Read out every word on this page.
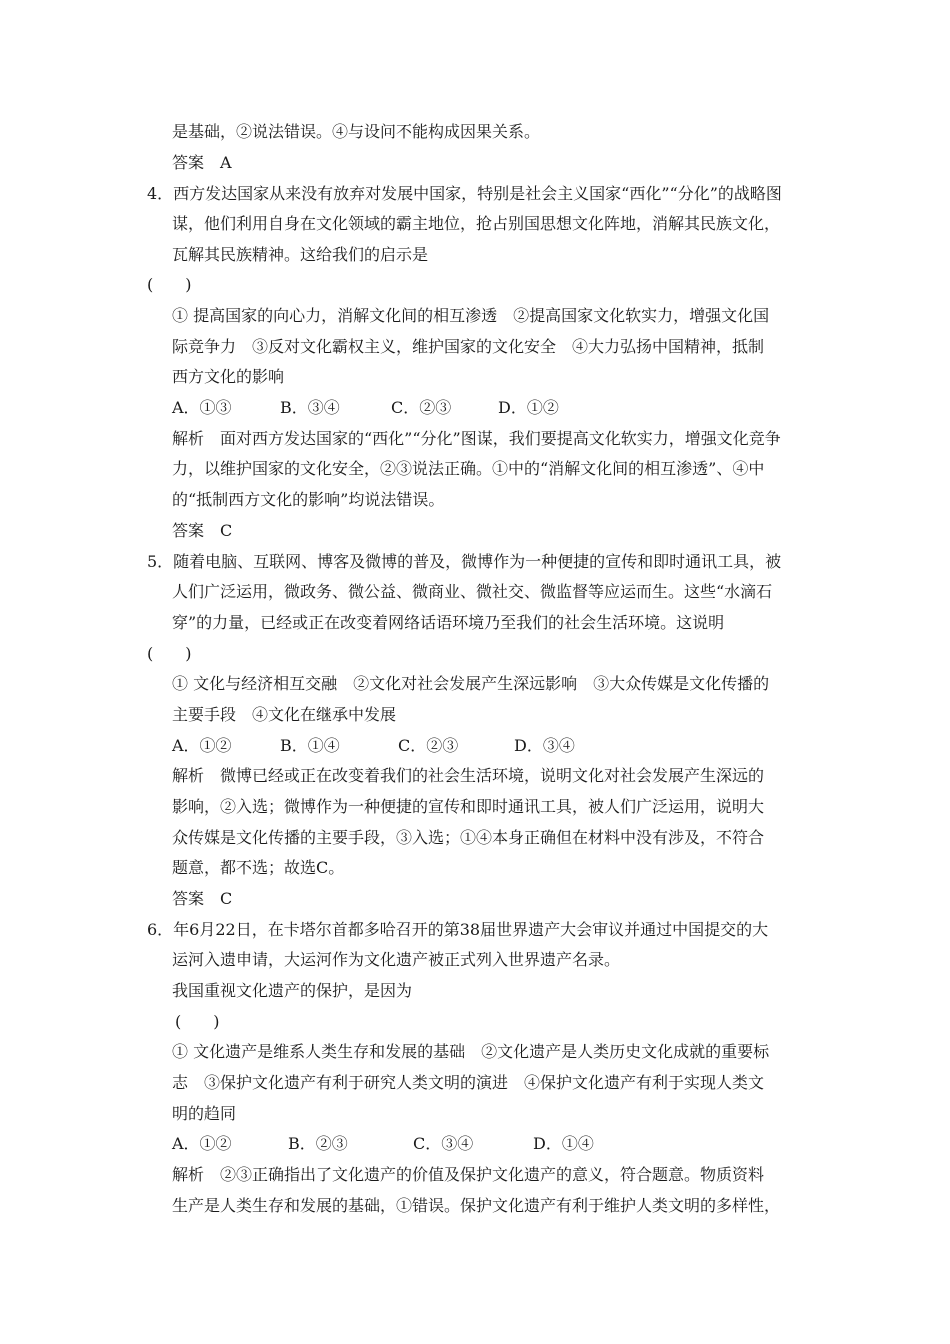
是基础，②说法错误。④与设问不能构成因果关系。
答案　A
4．西方发达国家从来没有放弃对发展中国家，特别是社会主义国家“西化”“分化”的战略图
谋，他们利用自身在文化领域的霸主地位，抢占别国思想文化阵地，消解其民族文化，
瓦解其民族精神。这给我们的启示是
(　　)
① 提高国家的向心力，消解文化间的相互渗透　②提高国家文化软实力，增强文化国
际竞争力　③反对文化霸权主义，维护国家的文化安全　④大力弘扬中国精神，抵制
西方文化的影响
A．①③	B．③④	C．②③	D．①②
解析　面对西方发达国家的“西化”“分化”图谋，我们要提高文化软实力，增强文化竞争
力，以维护国家的文化安全，②③说法正确。①中的“消解文化间的相互渗透”、④中
的“抵制西方文化的影响”均说法错误。
答案　C
5．随着电脑、互联网、博客及微博的普及，微博作为一种便捷的宣传和即时通讯工具，被
人们广泛运用，微政务、微公益、微商业、微社交、微监督等应运而生。这些“水滴石
穿”的力量，已经或正在改变着网络话语环境乃至我们的社会生活环境。这说明
(　　)
① 文化与经济相互交融　②文化对社会发展产生深远影响　③大众传媒是文化传播的
主要手段　④文化在继承中发展
A．①②	B．①④	C．②③	D．③④
解析　微博已经或正在改变着我们的社会生活环境，说明文化对社会发展产生深远的
影响，②入选；微博作为一种便捷的宣传和即时通讯工具，被人们广泛运用，说明大
众传媒是文化传播的主要手段，③入选；①④本身正确但在材料中没有涉及，不符合
题意，都不选；故选C。
答案　C
6．年6月22日，在卡塔尔首都多哈召开的第38届世界遗产大会审议并通过中国提交的大
运河入遗申请，大运河作为文化遗产被正式列入世界遗产名录。
我国重视文化遗产的保护，是因为
(　　)
① 文化遗产是维系人类生存和发展的基础　②文化遗产是人类历史文化成就的重要标
志　③保护文化遗产有利于研究人类文明的演进　④保护文化遗产有利于实现人类文
明的趋同
A．①②	B．②③	C．③④	D．①④
解析　②③正确指出了文化遗产的价值及保护文化遗产的意义，符合题意。物质资料
生产是人类生存和发展的基础，①错误。保护文化遗产有利于维护人类文明的多样性，
